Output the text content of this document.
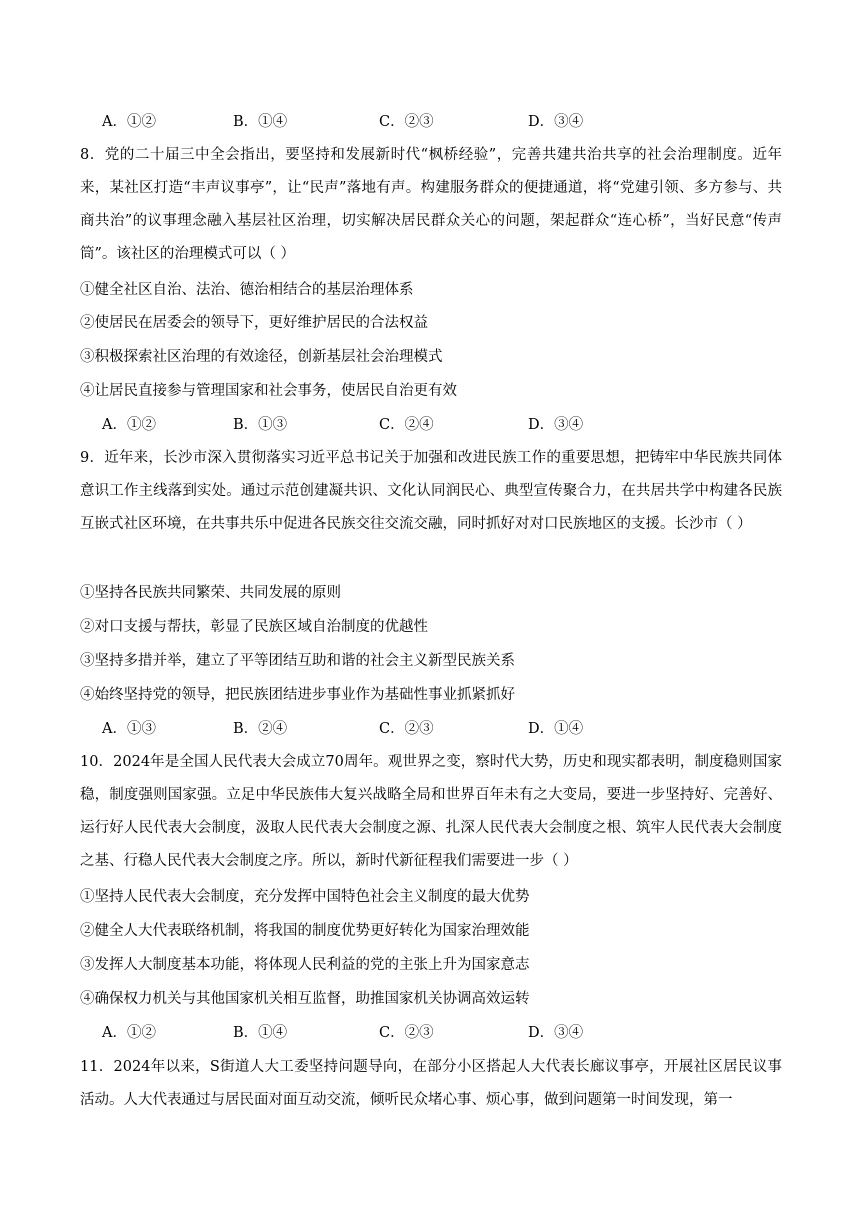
A．①②	B．①④	C．②③	D．③④
8．党的二十届三中全会指出，要坚持和发展新时代“枫桥经验”，完善共建共治共享的社会治理制度。近年来，某社区打造“丰声议事亭”，让“民声”落地有声。构建服务群众的便捷通道，将“党建引领、多方参与、共商共治”的议事理念融入基层社区治理，切实解决居民群众关心的问题，架起群众“连心桥”，当好民意“传声筒”。该社区的治理模式可以（ ）
①健全社区自治、法治、德治相结合的基层治理体系
②使居民在居委会的领导下，更好维护居民的合法权益
③积极探索社区治理的有效途径，创新基层社会治理模式
④让居民直接参与管理国家和社会事务，使居民自治更有效
A．①②	B．①③	C．②④	D．③④
9．近年来，长沙市深入贯彻落实习近平总书记关于加强和改进民族工作的重要思想，把铸牢中华民族共同体意识工作主线落到实处。通过示范创建凝共识、文化认同润民心、典型宣传聚合力，在共居共学中构建各民族互嵌式社区环境，在共事共乐中促进各民族交往交流交融，同时抓好对对口民族地区的支援。长沙市（ ）
①坚持各民族共同繁荣、共同发展的原则
②对口支援与帮扶，彰显了民族区域自治制度的优越性
③坚持多措并举，建立了平等团结互助和谐的社会主义新型民族关系
④始终坚持党的领导，把民族团结进步事业作为基础性事业抓紧抓好
A．①③	B．②④	C．②③	D．①④
10．2024年是全国人民代表大会成立70周年。观世界之变，察时代大势，历史和现实都表明，制度稳则国家稳，制度强则国家强。立足中华民族伟大复兴战略全局和世界百年未有之大变局，要进一步坚持好、完善好、运行好人民代表大会制度，汲取人民代表大会制度之源、扎深人民代表大会制度之根、筑牢人民代表大会制度之基、行稳人民代表大会制度之序。所以，新时代新征程我们需要进一步（ ）
①坚持人民代表大会制度，充分发挥中国特色社会主义制度的最大优势
②健全人大代表联络机制，将我国的制度优势更好转化为国家治理效能
③发挥人大制度基本功能，将体现人民利益的党的主张上升为国家意志
④确保权力机关与其他国家机关相互监督，助推国家机关协调高效运转
A．①②	B．①④	C．②③	D．③④
11．2024年以来，S街道人大工委坚持问题导向，在部分小区搭起人大代表长廊议事亭，开展社区居民议事活动。人大代表通过与居民面对面互动交流，倾听民众堵心事、烦心事，做到问题第一时间发现，第一
